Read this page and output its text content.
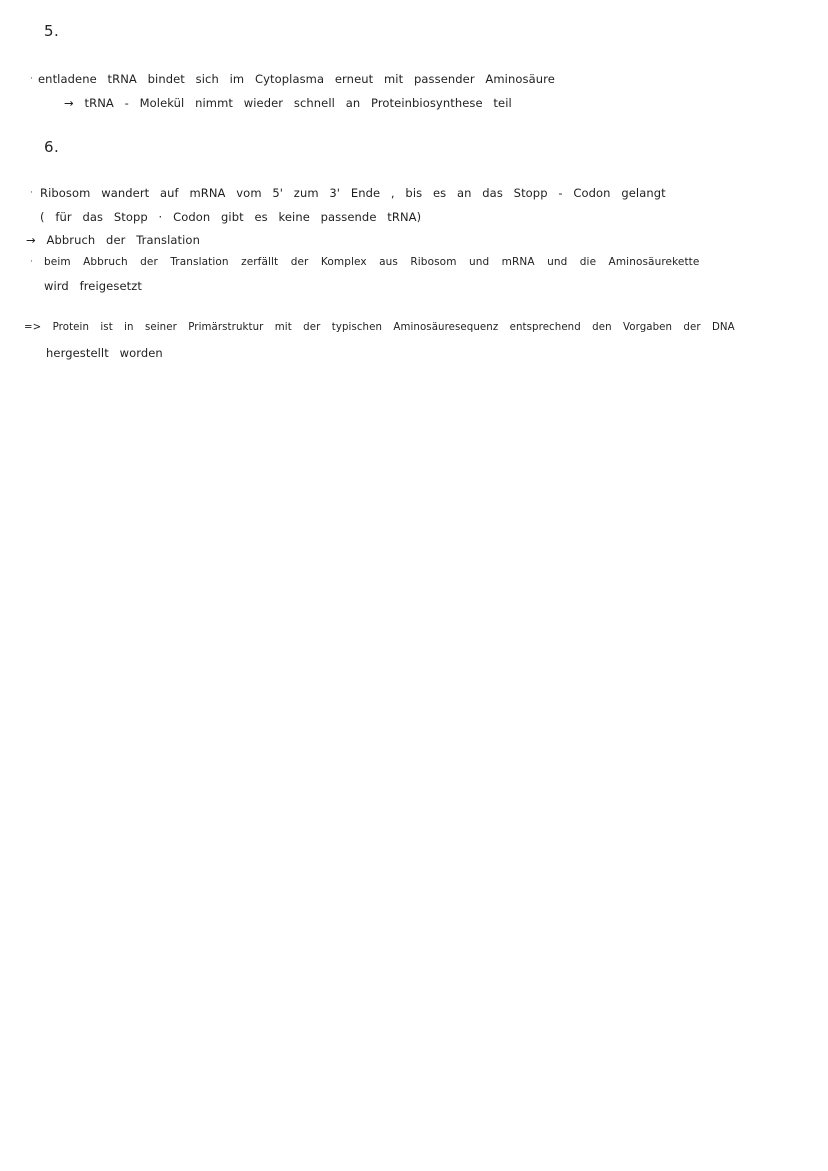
5.
· entladene tRNA bindet sich im Cytoplasma erneut mit passender Aminosäure
→ tRNA - Molekül nimmt wieder schnell an Proteinbiosynthese teil
6.
· Ribosom wandert auf mRNA vom 5' zum 3' Ende , bis es an das Stopp - Codon gelangt
( für das Stopp · Codon gibt es keine passende tRNA)
→ Abbruch der Translation
· beim Abbruch der Translation zerfällt der Komplex aus Ribosom und mRNA und die Aminosäurekette
wird freigesetzt
=> Protein ist in seiner Primärstruktur mit der typischen Aminosäuresequenz entsprechend den Vorgaben der DNA
hergestellt worden
